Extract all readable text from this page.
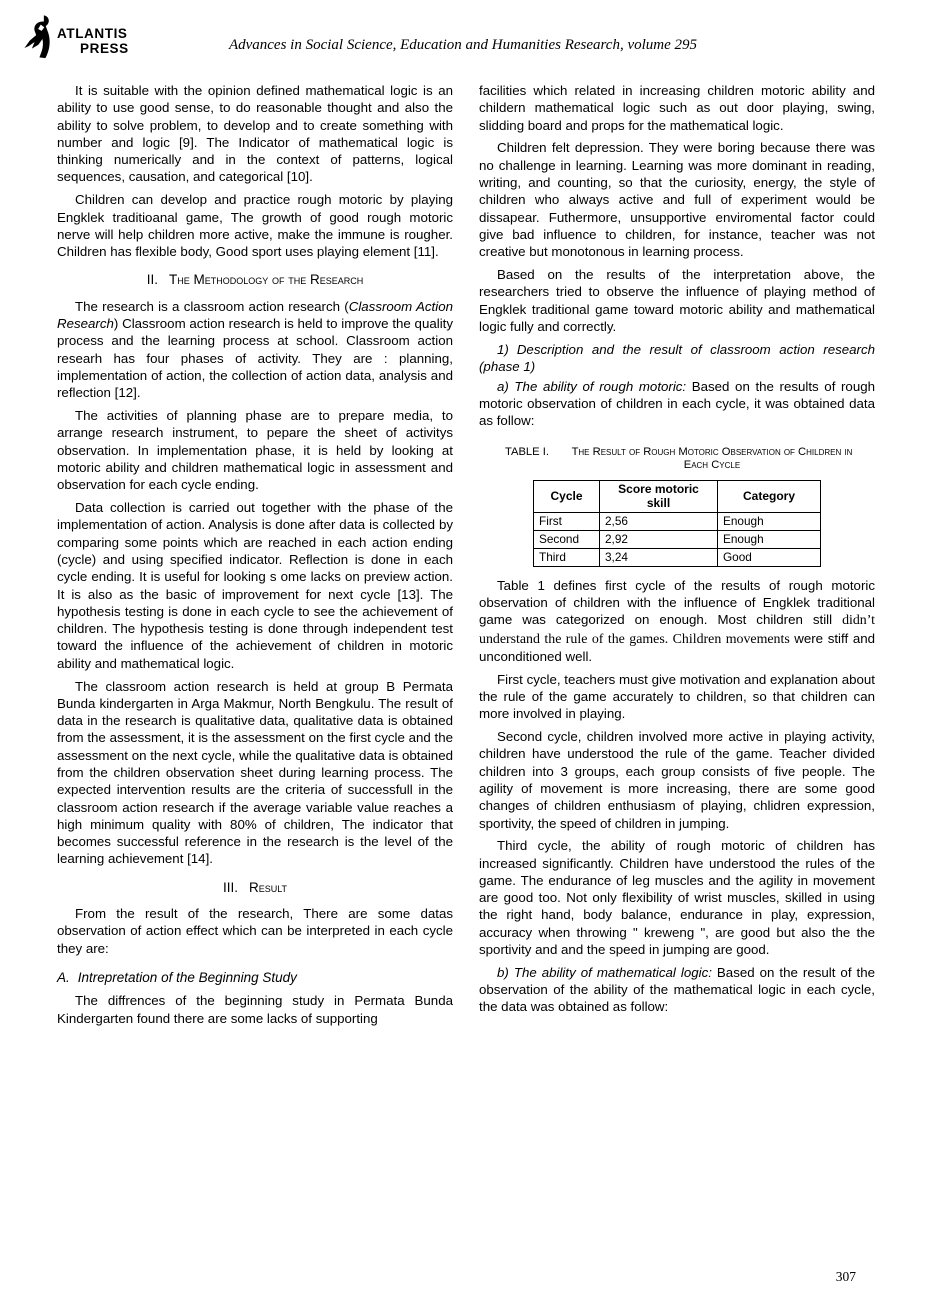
ATLANTIS
PRESS	Advances in Social Science, Education and Humanities Research, volume 295

It is suitable with the opinion defined mathematical logic is an ability to use good sense, to do reasonable thought and also the ability to solve problem, to develop and to create something with number and logic [9]. The Indicator of mathematical logic is thinking numerically and in the context of patterns, logical sequences, causation, and categorical [10].

Children can develop and practice rough motoric by playing Engklek traditioanal game, The growth of good rough motoric nerve will help children more active, make the immune is rougher. Children has flexible body, Good sport uses playing element [11].

II. The Methodology of the Research

The research is a classroom action research (Classroom Action Research) Classroom action research is held to improve the quality process and the learning process at school. Classroom action researh has four phases of activity. They are : planning, implementation of action, the collection of action data, analysis and reflection [12].

The activities of planning phase are to prepare media, to arrange research instrument, to pepare the sheet of activitys observation. In implementation phase, it is held by looking at motoric ability and children mathematical logic in assessment and observation for each cycle ending.

Data collection is carried out together with the phase of the implementation of action. Analysis is done after data is collected by comparing some points which are reached in each action ending (cycle) and using specified indicator. Reflection is done in each cycle ending. It is useful for looking s ome lacks on preview action. It is also as the basic of improvement for next cycle [13]. The hypothesis testing is done in each cycle to see the achievement of children. The hypothesis testing is done through independent test toward the influence of the achievement of children in motoric ability and mathematical logic.

The classroom action research is held at group B Permata Bunda kindergarten in Arga Makmur, North Bengkulu. The result of data in the research is qualitative data, qualitative data is obtained from the assessment, it is the assessment on the first cycle and the assessment on the next cycle, while the qualitative data is obtained from the children observation sheet during learning process. The expected intervention results are the criteria of successfull in the classroom action research if the average variable value reaches a high minimum quality with 80% of children, The indicator that becomes successful reference in the research is the level of the learning achievement [14].

III. Result

From the result of the research, There are some datas observation of action effect which can be interpreted in each cycle they are:

A. Intrepretation of the Beginning Study

The diffrences of the beginning study in Permata Bunda Kindergarten found there are some lacks of supporting

facilities which related in increasing children motoric ability and childern mathematical logic such as out door playing, swing, slidding board and props for the mathematical logic.

Children felt depression. They were boring because there was no challenge in learning. Learning was more dominant in reading, writing, and counting, so that the curiosity, energy, the style of children who always active and full of experiment would be dissapear. Futhermore, unsupportive enviromental factor could give bad influence to children, for instance, teacher was not creative but monotonous in learning process.

Based on the results of the interpretation above, the researchers tried to observe the influence of playing method of Engklek traditional game toward motoric ability and mathematical logic fully and correctly.

1) Description and the result of classroom action research (phase 1)

a) The ability of rough motoric: Based on the results of rough motoric observation of children in each cycle, it was obtained data as follow:

TABLE I.	The Result of Rough Motoric Observation of Children in Each Cycle
Cycle	Score motoric skill	Category
First	2,56	Enough
Second	2,92	Enough
Third	3,24	Good

Table 1 defines first cycle of the results of rough motoric observation of children with the influence of Engklek traditional game was categorized on enough. Most children still didn’t understand the rule of the games. Children movements were stiff and unconditioned well.

First cycle, teachers must give motivation and explanation about the rule of the game accurately to children, so that children can more involved in playing.

Second cycle, children involved more active in playing activity, children have understood the rule of the game. Teacher divided children into 3 groups, each group consists of five people. The agility of movement is more increasing, there are some good changes of children enthusiasm of playing, chlidren expression, sportivity, the speed of children in jumping.

Third cycle, the ability of rough motoric of children has increased significantly. Children have understood the rules of the game. The endurance of leg muscles and the agility in movement are good too. Not only flexibility of wrist muscles, skilled in using the right hand, body balance, endurance in play, expression, accuracy when throwing " kreweng ", are good but also the the sportivity and and the speed in jumping are good.

b) The ability of mathematical logic: Based on the result of the observation of the ability of the mathematical logic in each cycle, the data was obtained as follow:

307
